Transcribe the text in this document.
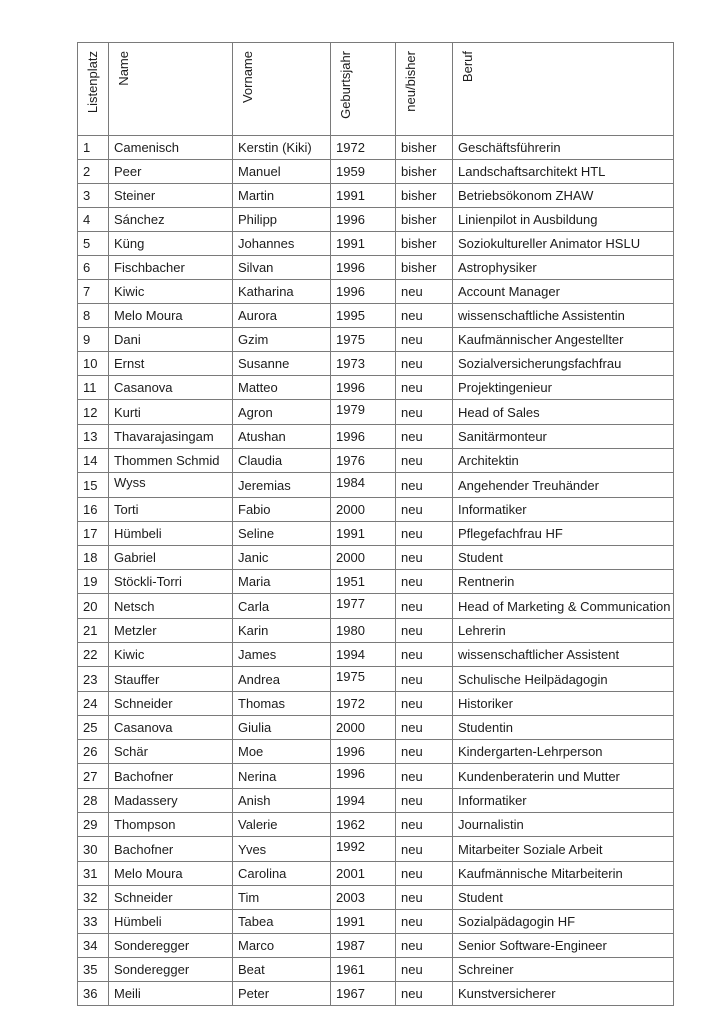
Listenplatz	Name	Vorname	Geburtsjahr	neu/bisher	Beruf

1	Camenisch	Kerstin (Kiki)	1972	bisher	Geschäftsführerin
2	Peer	Manuel	1959	bisher	Landschaftsarchitekt HTL
3	Steiner	Martin	1991	bisher	Betriebsökonom ZHAW
4	Sánchez	Philipp	1996	bisher	Linienpilot in Ausbildung
5	Küng	Johannes	1991	bisher	Soziokultureller Animator HSLU
6	Fischbacher	Silvan	1996	bisher	Astrophysiker
7	Kiwic	Katharina	1996	neu	Account Manager
8	Melo Moura	Aurora	1995	neu	wissenschaftliche Assistentin
9	Dani	Gzim	1975	neu	Kaufmännischer Angestellter
10	Ernst	Susanne	1973	neu	Sozialversicherungsfachfrau
11	Casanova	Matteo	1996	neu	Projektingenieur
12	Kurti	Agron	1979	neu	Head of Sales
13	Thavarajasingam	Atushan	1996	neu	Sanitärmonteur
14	Thommen Schmid	Claudia	1976	neu	Architektin
15	Wyss	Jeremias	1984	neu	Angehender Treuhänder
16	Torti	Fabio	2000	neu	Informatiker
17	Hümbeli	Seline	1991	neu	Pflegefachfrau HF
18	Gabriel	Janic	2000	neu	Student
19	Stöckli-Torri	Maria	1951	neu	Rentnerin
20	Netsch	Carla	1977	neu	Head of Marketing & Communication
21	Metzler	Karin	1980	neu	Lehrerin
22	Kiwic	James	1994	neu	wissenschaftlicher Assistent
23	Stauffer	Andrea	1975	neu	Schulische Heilpädagogin
24	Schneider	Thomas	1972	neu	Historiker
25	Casanova	Giulia	2000	neu	Studentin
26	Schär	Moe	1996	neu	Kindergarten-Lehrperson
27	Bachofner	Nerina	1996	neu	Kundenberaterin und Mutter
28	Madassery	Anish	1994	neu	Informatiker
29	Thompson	Valerie	1962	neu	Journalistin
30	Bachofner	Yves	1992	neu	Mitarbeiter Soziale Arbeit
31	Melo Moura	Carolina	2001	neu	Kaufmännische Mitarbeiterin
32	Schneider	Tim	2003	neu	Student
33	Hümbeli	Tabea	1991	neu	Sozialpädagogin HF
34	Sonderegger	Marco	1987	neu	Senior Software-Engineer
35	Sonderegger	Beat	1961	neu	Schreiner
36	Meili	Peter	1967	neu	Kunstversicherer
